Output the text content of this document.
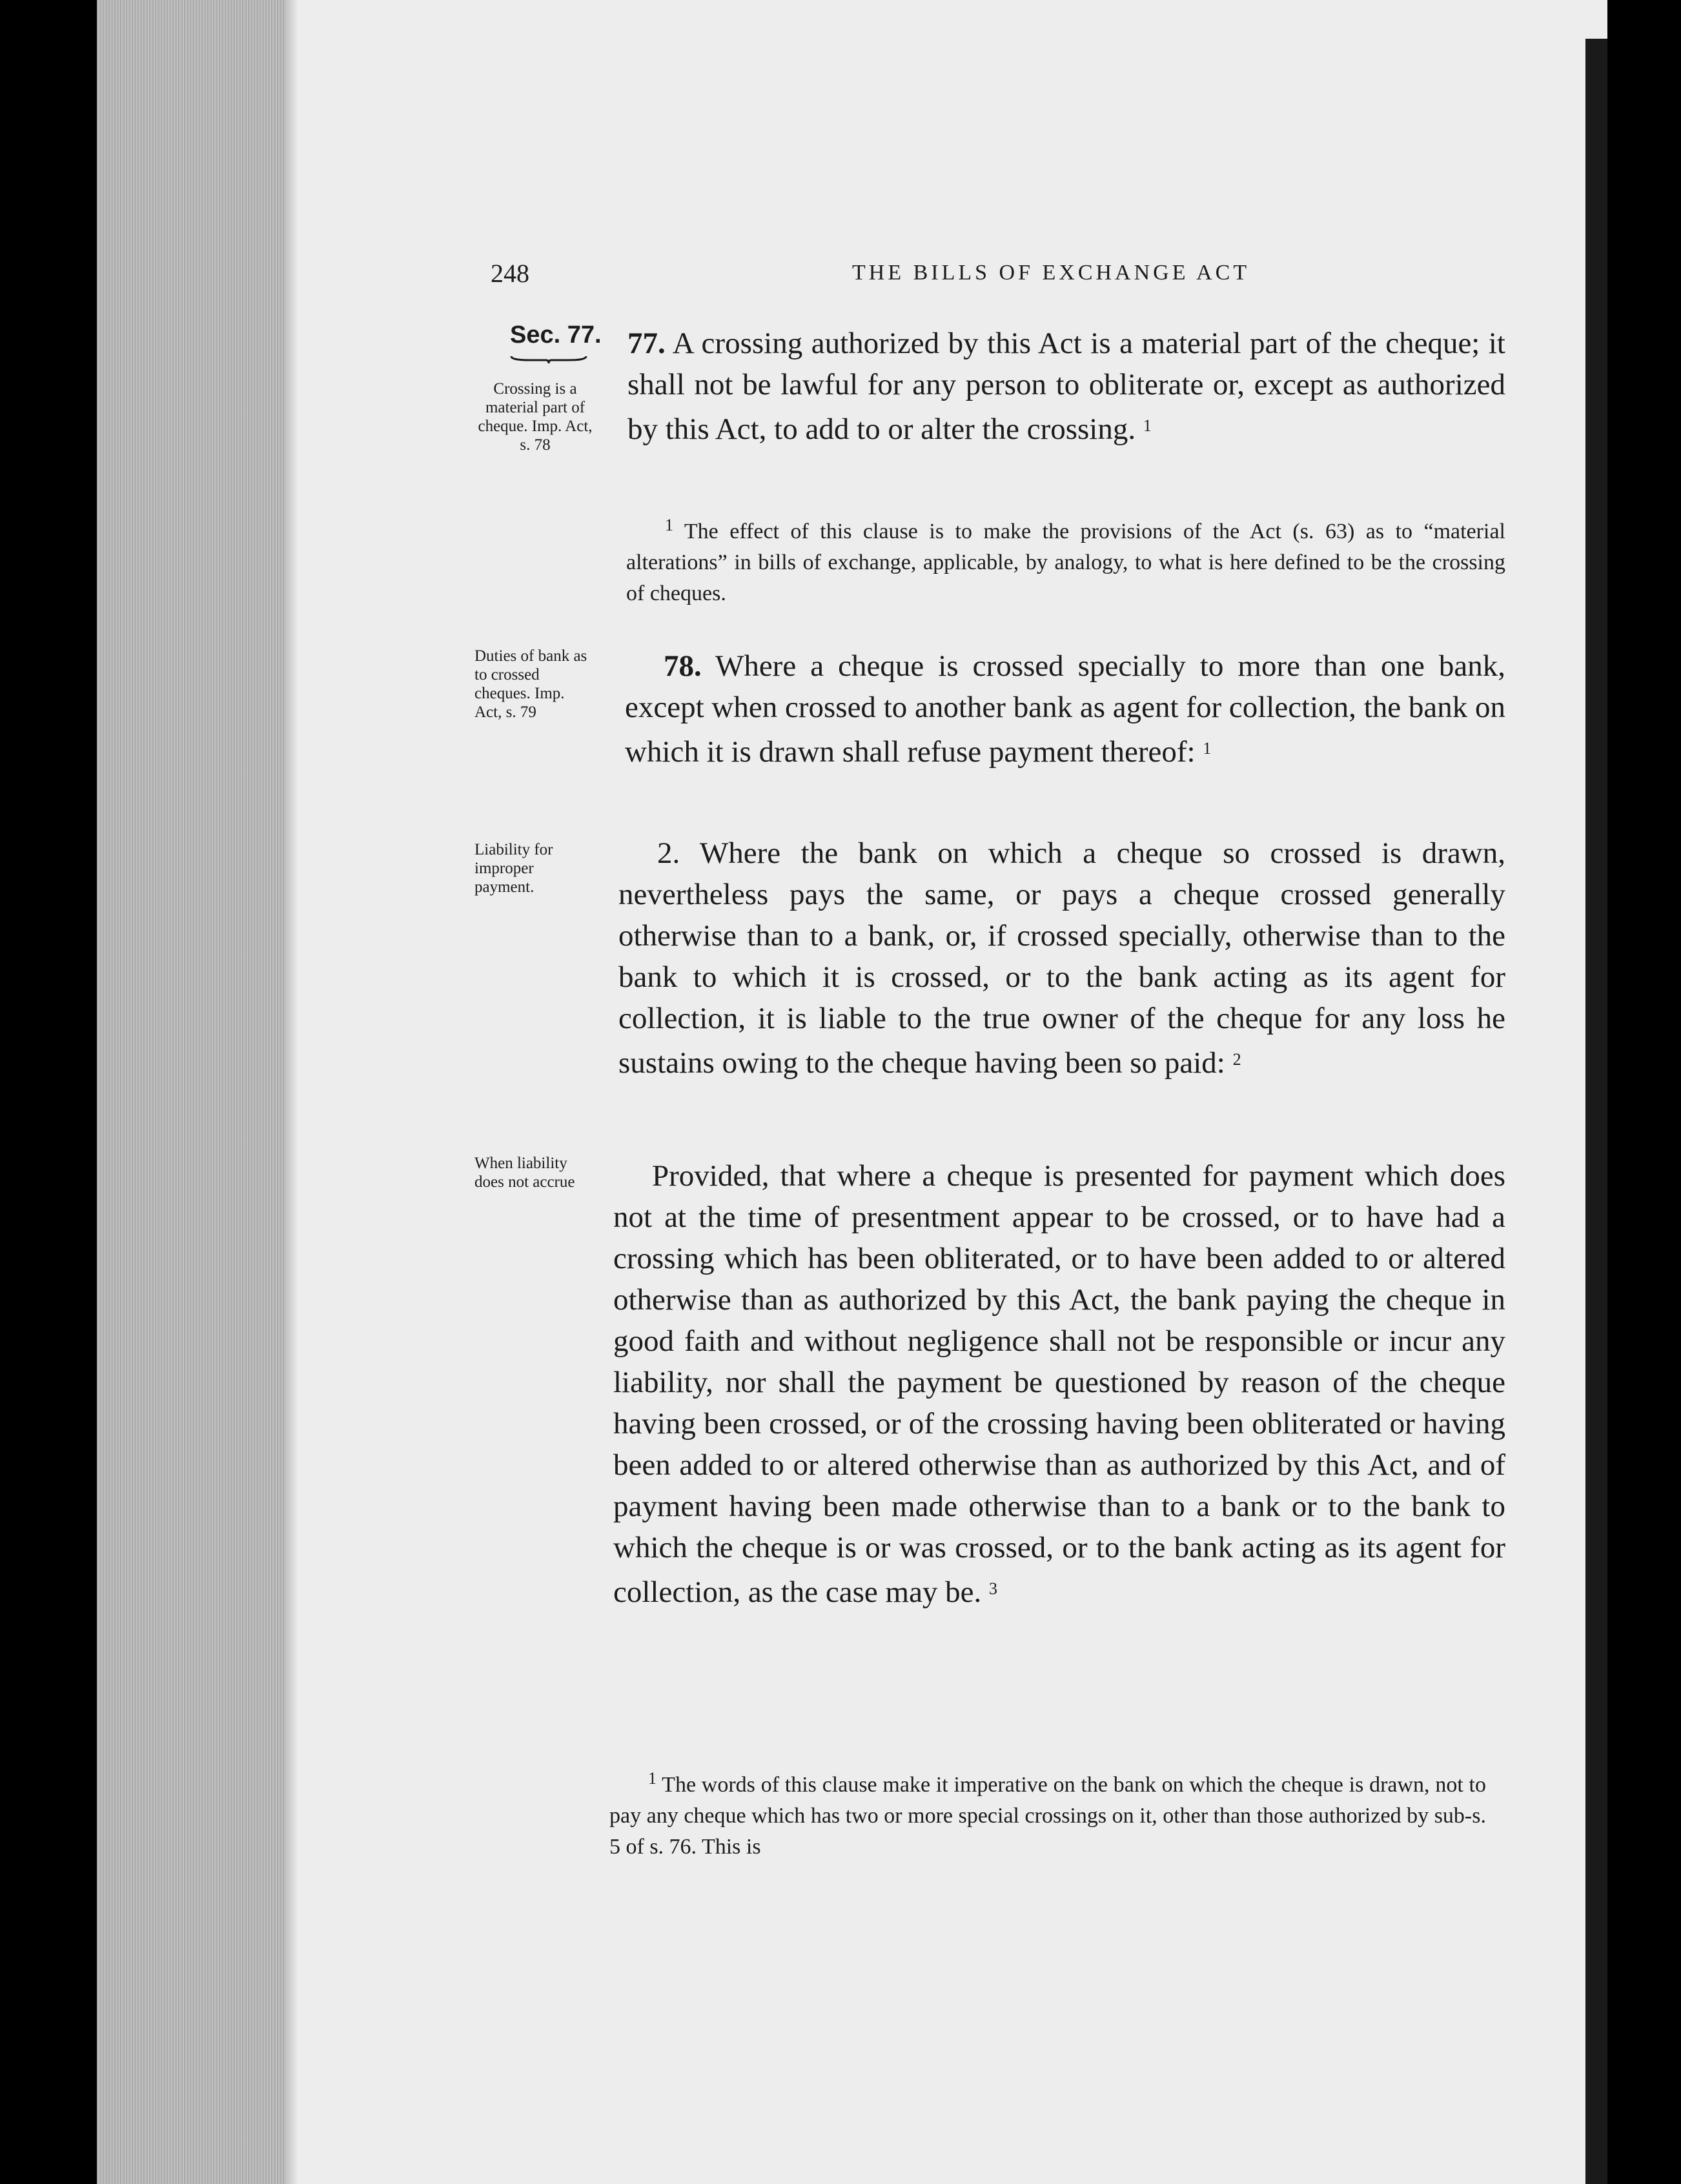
248	THE BILLS OF EXCHANGE ACT
Sec. 77.
Crossing is a material part of cheque. Imp. Act, s. 78
Duties of bank as to crossed cheques. Imp. Act, s. 79
Liability for improper payment.
When liability does not accrue
77. A crossing authorized by this Act is a material part of the cheque; it shall not be lawful for any person to obliterate or, except as authorized by this Act, to add to or alter the crossing. $^1$
$^1$ The effect of this clause is to make the provisions of the Act (s. 63) as to “material alterations” in bills of exchange, applicable, by analogy, to what is here defined to be the crossing of cheques.
78. Where a cheque is crossed specially to more than one bank, except when crossed to another bank as agent for collection, the bank on which it is drawn shall refuse payment thereof: $^1$
2. Where the bank on which a cheque so crossed is drawn, nevertheless pays the same, or pays a cheque crossed generally otherwise than to a bank, or, if crossed specially, otherwise than to the bank to which it is crossed, or to the bank acting as its agent for collection, it is liable to the true owner of the cheque for any loss he sustains owing to the cheque having been so paid: $^2$
Provided, that where a cheque is presented for payment which does not at the time of presentment appear to be crossed, or to have had a crossing which has been obliterated, or to have been added to or altered otherwise than as authorized by this Act, the bank paying the cheque in good faith and without negligence shall not be responsible or incur any liability, nor shall the payment be questioned by reason of the cheque having been crossed, or of the crossing having been obliterated or having been added to or altered otherwise than as authorized by this Act, and of payment having been made otherwise than to a bank or to the bank to which the cheque is or was crossed, or to the bank acting as its agent for collection, as the case may be. $^3$
$^1$ The words of this clause make it imperative on the bank on which the cheque is drawn, not to pay any cheque which has two or more special crossings on it, other than those authorized by sub-s. 5 of s. 76. This is
